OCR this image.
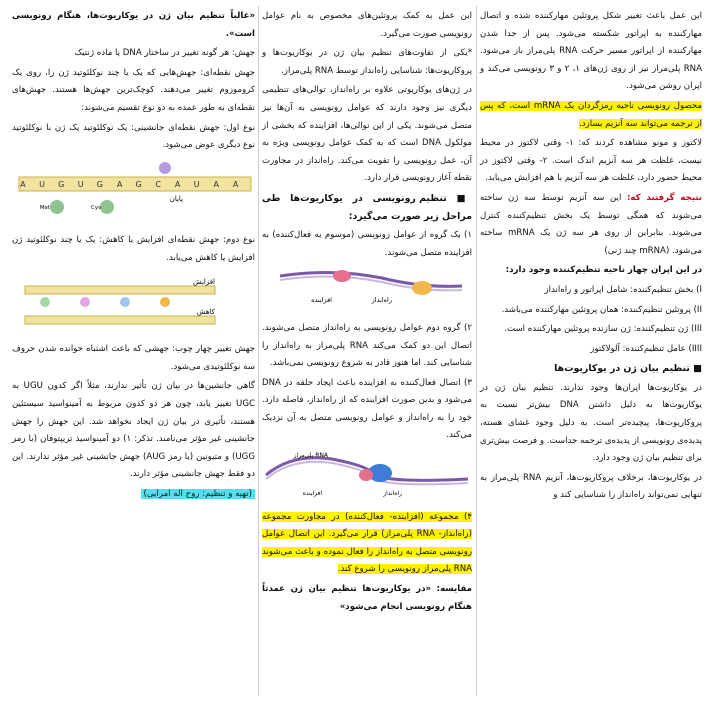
این عمل باعث تغییر شکل پروتئین مهارکننده شده و اتصال مهارکننده به اپراتور شکسته می‌شود. پس از جدا شدن مهارکننده از اپراتور مسیر حرکت RNA پلی‌مراز باز می‌شود. RNA پلی‌مراز نیز از روی ژن‌های ۱، ۲ و ۳ رونویسی می‌کند و اپران روشن می‌شود.

محصول رونویسی ناحیه رمزگردان یک mRNA است، که پس از ترجمه می‌تواند سه آنزیم بسازد.

لاکتوز و مونو مشاهده کردند که: ۱- وقتی لاکتوز در محیط نیست، غلظت هر سه آنزیم اندک است. ۲- وقتی لاکتوز در محیط حضور دارد، غلظت هر سه آنزیم با هم افزایش می‌یابد.

نتیجه گرفتند که: این سه آنزیم توسط سه ژن ساخته می‌شوند که همگی توسط یک بخش تنظیم‌کننده کنترل می‌شوند. بنابراین از روی هر سه ژن یک mRNA ساخته می‌شود. (mRNA چند ژنی)

در این اپران چهار ناحیه تنظیم‌کننده وجود دارد:

I) بخش تنظیم‌کننده: شامل اپراتور و راه‌انداز

II) پروتئین تنظیم‌کننده: همان پروتئین مهارکننده می‌باشد.

III) ژن تنظیم‌کننده: ژن سازنده پروتئین مهارکننده است.

IIII) عامل تنظیم‌کننده: آلولاکتوز

■ تنظیم بیان ژن در یوکاریوت‌ها

در یوکاریوت‌ها اپران‌ها وجود ندارند. تنظیم بیان ژن در یوکاریوت‌ها به دلیل داشتن DNA بیش‌تر نسبت به پروکاریوت‌ها، پیچیده‌تر است. به دلیل وجود غشای هسته، پدیده‌ی رونویسی از پدیده‌ی ترجمه جداست. و فرصت بیش‌تری برای تنظیم بیان ژن وجود دارد.

در یوکاریوت‌ها، برخلاف پروکاریوت‌ها، آنزیم RNA پلی‌مراز به تنهایی نمی‌تواند راه‌انداز را شناسایی کند و

این عمل به کمک پروتئین‌های مخصوص به نام عوامل رونویسی صورت می‌گیرد.

*یکی از تفاوت‌های تنظیم بیان ژن در یوکاریوت‌ها و پروکاریوت‌ها: شناسایی راه‌انداز توسط RNA پلی‌مراز.

در ژن‌های یوکاریوتی علاوه بر راه‌انداز، توالی‌های تنظیمی دیگری نیز وجود دارند که عوامل رونویسی به آن‌ها نیز متصل می‌شوند. یکی از این توالی‌ها، افزاینده که بخشی از مولکول DNA است که به کمک عوامل رونویسی ویژه به آن، عمل رونویسی را تقویت می‌کند. راه‌انداز در مجاورت نقطه آغاز رونویسی قرار دارد.

■ تنظیم رونویسی در یوکاریوت‌ها طی مراحل زیر صورت می‌گیرد:

۱) یک گروه از عوامل رونویسی (موسوم به فعال‌کننده) به افزاینده متصل می‌شوند.

افزاینده	راه‌انداز

۲) گروه دوم عوامل رونویسی به راه‌انداز متصل می‌شوند. اتصال این دو کمک می‌کند RNA پلی‌مراز به راه‌انداز را شناسایی کند. اما هنوز قادر به شروع رونویسی نمی‌باشد.

۳) اتصال فعال‌کننده به افزاینده باعث ایجاد حلقه در DNA می‌شود و بدین صورت افزاینده که از راه‌انداز، فاصله دارد. خود را به راه‌انداز و عوامل رونویسی متصل به آن نزدیک می‌کند.

RNA پلی‌مراز
افزاینده	راه‌انداز

۴) مجموعه (افزاینده- فعال‌کننده) در مجاورت مجموعه (راه‌انداز- RNA پلی‌مراز) قرار می‌گیرد. این اتصال عوامل رونویسی متصل به راه‌انداز را فعال نموده و باعث می‌شوند RNA پلی‌مراز رونویسی را شروع کند.

مقایسه: «در یوکاریوت‌ها تنظیم بیان ژن عمدتاً هنگام رونویسی انجام می‌شود»

«غالباً تنظیم بیان ژن در یوکاریوت‌ها، هنگام رونویسی است».

جهش: هر گونه تغییر در ساختار DNA یا ماده ژنتیک

جهش نقطه‌ای: جهش‌هایی که یک یا چند نوکلئوتید ژن را، روی یک کروموزوم تغییر می‌دهند. کوچک‌ترین جهش‌ها هستند. جهش‌های نقطه‌ای به طور عمده به دو نوع تقسیم می‌شوند:

نوع اول: جهش نقطه‌ای جانشینی: یک نوکلئوتید یک ژن با نوکلئوتید نوع دیگری عوض می‌شود.

A U G U G A G C A U A A
پایان
Met	Cys

نوع دوم: جهش نقطه‌ای افزایش یا کاهش: یک یا چند نوکلئوتید ژن افزایش یا کاهش می‌یابد.

افزایش
کاهش

جهش تغییر چهار چوب: جهشی که باعث اشتباه خوانده شدن حروف سه نوکلئوتیدی می‌شود.

گاهی جانشین‌ها در بیان ژن تأثیر ندارند، مثلاً اگر کدون UGU به UGC تغییر یابد، چون هر دو کدون مربوط به آمینواسید سیستئین هستند، تأثیری در بیان ژن ایجاد نخواهد شد. این جهش را جهش جانشینی غیر مؤثر می‌نامند. تذکر: ۱) دو آمینواسید تریپتوفان (با رمز UGG) و متیونین (با رمز AUG) جهش جانشینی غیر مؤثر ندارند. این دو فقط جهش جانشینی مؤثر دارند.

(تهیه و تنظیم: روح اله امرایی)
